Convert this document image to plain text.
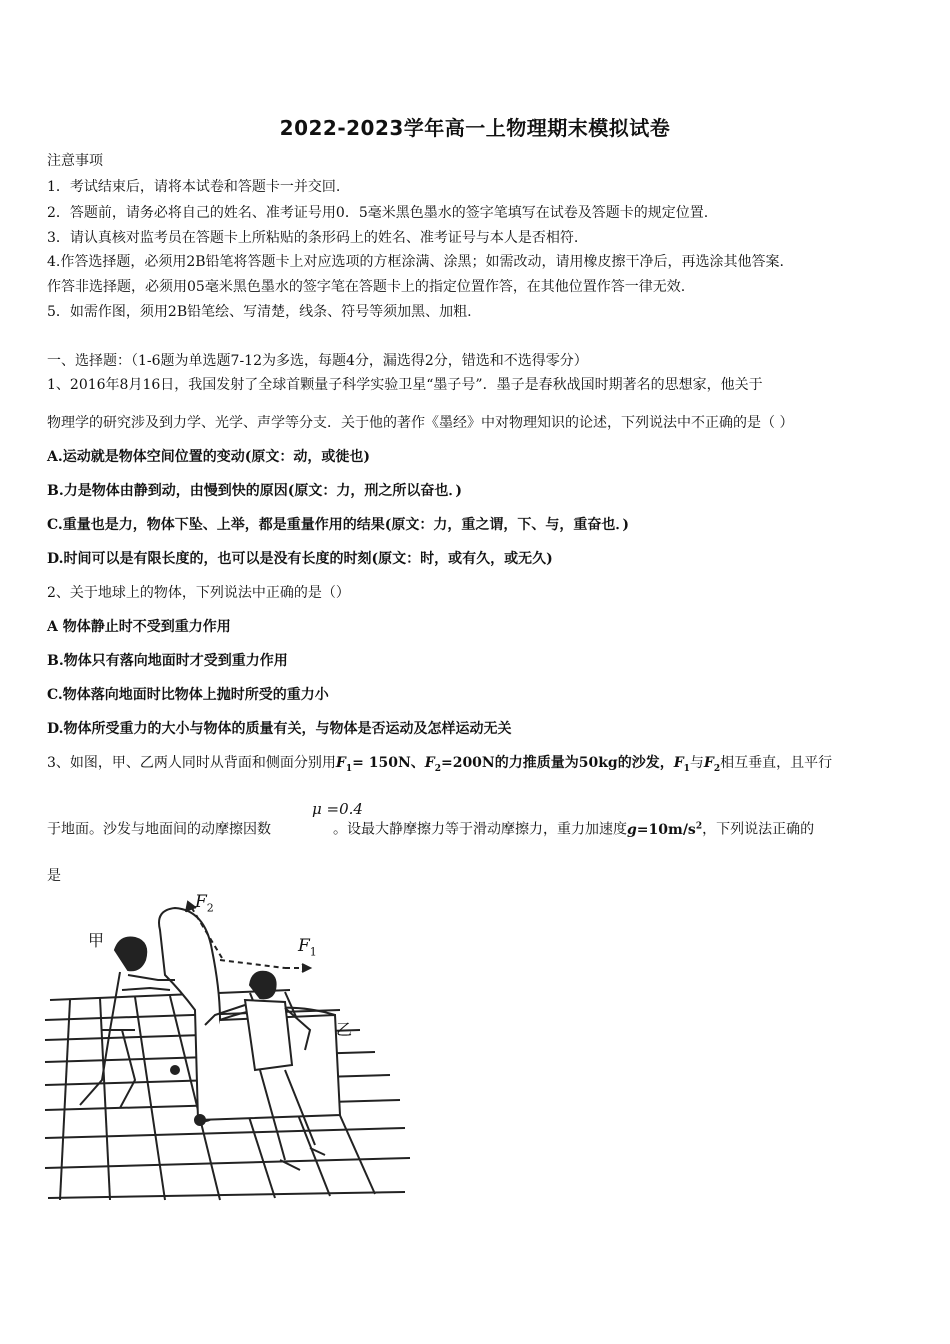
2022-2023学年高一上物理期末模拟试卷
注意事项
1．考试结束后，请将本试卷和答题卡一并交回.
2．答题前，请务必将自己的姓名、准考证号用0．5毫米黑色墨水的签字笔填写在试卷及答题卡的规定位置.
3．请认真核对监考员在答题卡上所粘贴的条形码上的姓名、准考证号与本人是否相符.
4.作答选择题，必须用2B铅笔将答题卡上对应选项的方框涂满、涂黑；如需改动，请用橡皮擦干净后，再选涂其他答案.
作答非选择题，必须用05毫米黑色墨水的签字笔在答题卡上的指定位置作答，在其他位置作答一律无效.
5．如需作图，须用2B铅笔绘、写清楚，线条、符号等须加黑、加粗.
一、选择题：（1-6题为单选题7-12为多选，每题4分，漏选得2分，错选和不选得零分）
1、2016年8月16日，我国发射了全球首颗量子科学实验卫星“墨子号”．墨子是春秋战国时期著名的思想家，他关于
物理学的研究涉及到力学、光学、声学等分支．关于他的著作《墨经》中对物理知识的论述，下列说法中不正确的是（ ）
A.运动就是物体空间位置的变动(原文：动，或徙也)
B.力是物体由静到动，由慢到快的原因(原文：力，刑之所以奋也．)
C.重量也是力，物体下坠、上举，都是重量作用的结果(原文：力，重之谓，下、与，重奋也．)
D.时间可以是有限长度的，也可以是没有长度的时刻(原文：时，或有久，或无久)
2、关于地球上的物体，下列说法中正确的是（）
A 物体静止时不受到重力作用
B.物体只有落向地面时才受到重力作用
C.物体落向地面时比物体上抛时所受的重力小
D.物体所受重力的大小与物体的质量有关，与物体是否运动及怎样运动无关
3、如图，甲、乙两人同时从背面和侧面分别用$F_1= 150N$、$F_2=200N$的力推质量为50kg的沙发，$F_1$与$F_2$相互垂直，且平行
μ =0.4
于地面。沙发与地面间的动摩擦因数	。设最大静摩擦力等于滑动摩擦力，重力加速度$g=10m/s^2$，下列说法正确的
是
甲
乙
$F_1$
$F_2$
